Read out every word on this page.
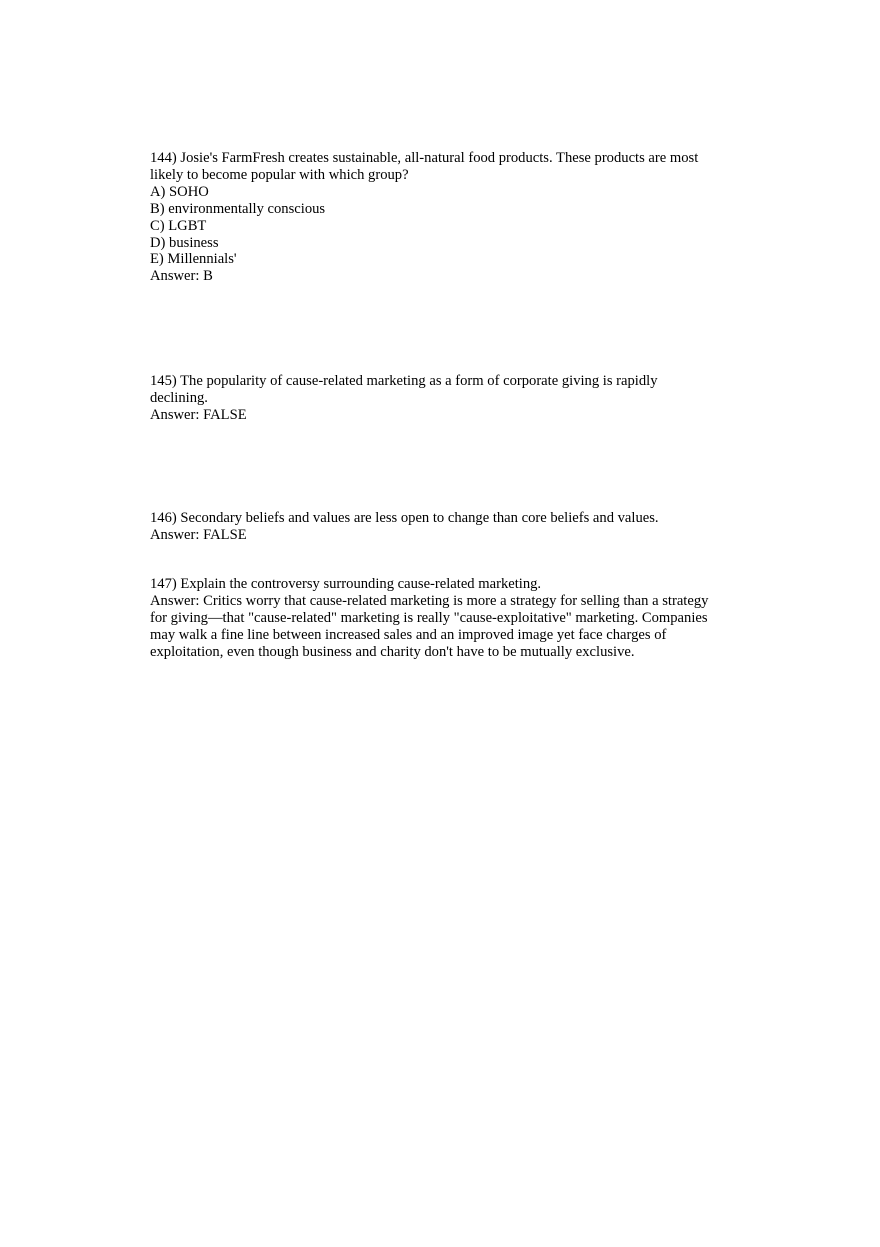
144) Josie's FarmFresh creates sustainable, all-natural food products. These products are most
likely to become popular with which group?
A) SOHO
B) environmentally conscious
C) LGBT
D) business
E) Millennials'
Answer: B
145) The popularity of cause-related marketing as a form of corporate giving is rapidly
declining.
Answer: FALSE
146) Secondary beliefs and values are less open to change than core beliefs and values.
Answer: FALSE
147) Explain the controversy surrounding cause-related marketing.
Answer: Critics worry that cause-related marketing is more a strategy for selling than a strategy
for giving—that "cause-related" marketing is really "cause-exploitative" marketing. Companies
may walk a fine line between increased sales and an improved image yet face charges of
exploitation, even though business and charity don't have to be mutually exclusive.
